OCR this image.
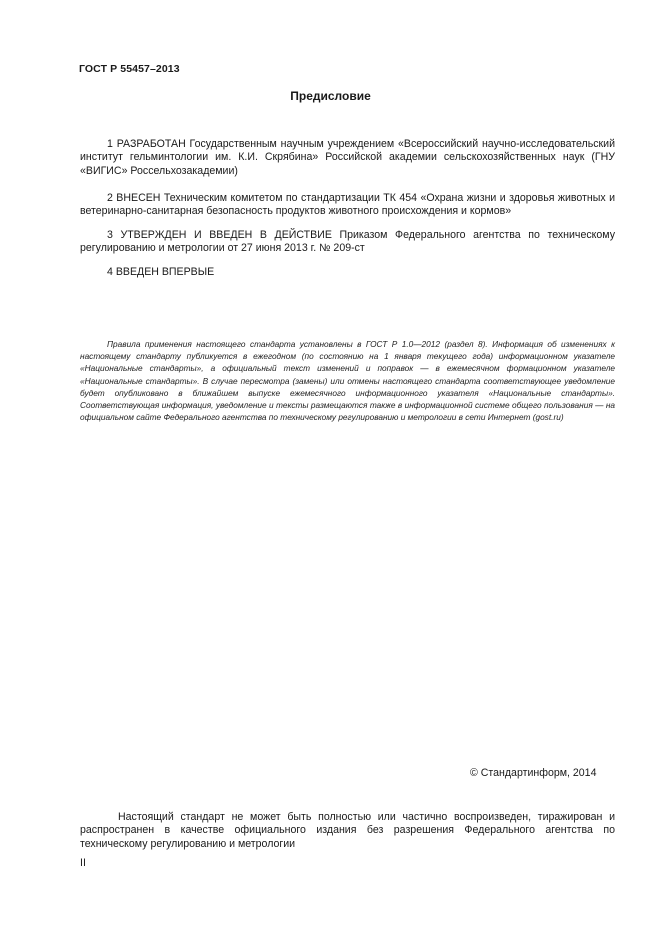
ГОСТ Р 55457–2013
Предисловие
1 РАЗРАБОТАН Государственным научным учреждением «Всероссийский научно-исследовательский институт гельминтологии им. К.И. Скрябина» Российской академии сельскохозяйственных наук (ГНУ «ВИГИС» Россельхозакадемии)
2 ВНЕСЕН Техническим комитетом по стандартизации ТК 454 «Охрана жизни и здоровья животных и ветеринарно-санитарная безопасность продуктов животного происхождения и кормов»
3 УТВЕРЖДЕН И ВВЕДЕН В ДЕЙСТВИЕ Приказом Федерального агентства по техническому регулированию и метрологии от 27 июня 2013 г. № 209-ст
4 ВВЕДЕН ВПЕРВЫЕ
Правила применения настоящего стандарта установлены в ГОСТ Р 1.0—2012 (раздел 8). Информация об изменениях к настоящему стандарту публикуется в ежегодном (по состоянию на 1 января текущего года) информационном указателе «Национальные стандарты», а официальный текст изменений и поправок — в ежемесячном формационном указателе «Национальные стандарты». В случае пересмотра (замены) или отмены настоящего стандарта соответствующее уведомление будет опубликовано в ближайшем выпуске ежемесячного информационного указателя «Национальные стандарты». Соответствующая информация, уведомление и тексты размещаются также в информационной системе общего пользования — на официальном сайте Федерального агентства по техническому регулированию и метрологии в сети Интернет (gost.ru)
© Стандартинформ, 2014
Настоящий стандарт не может быть полностью или частично воспроизведен, тиражирован и распространен в качестве официального издания без разрешения Федерального агентства по техническому регулированию и метрологии
II
